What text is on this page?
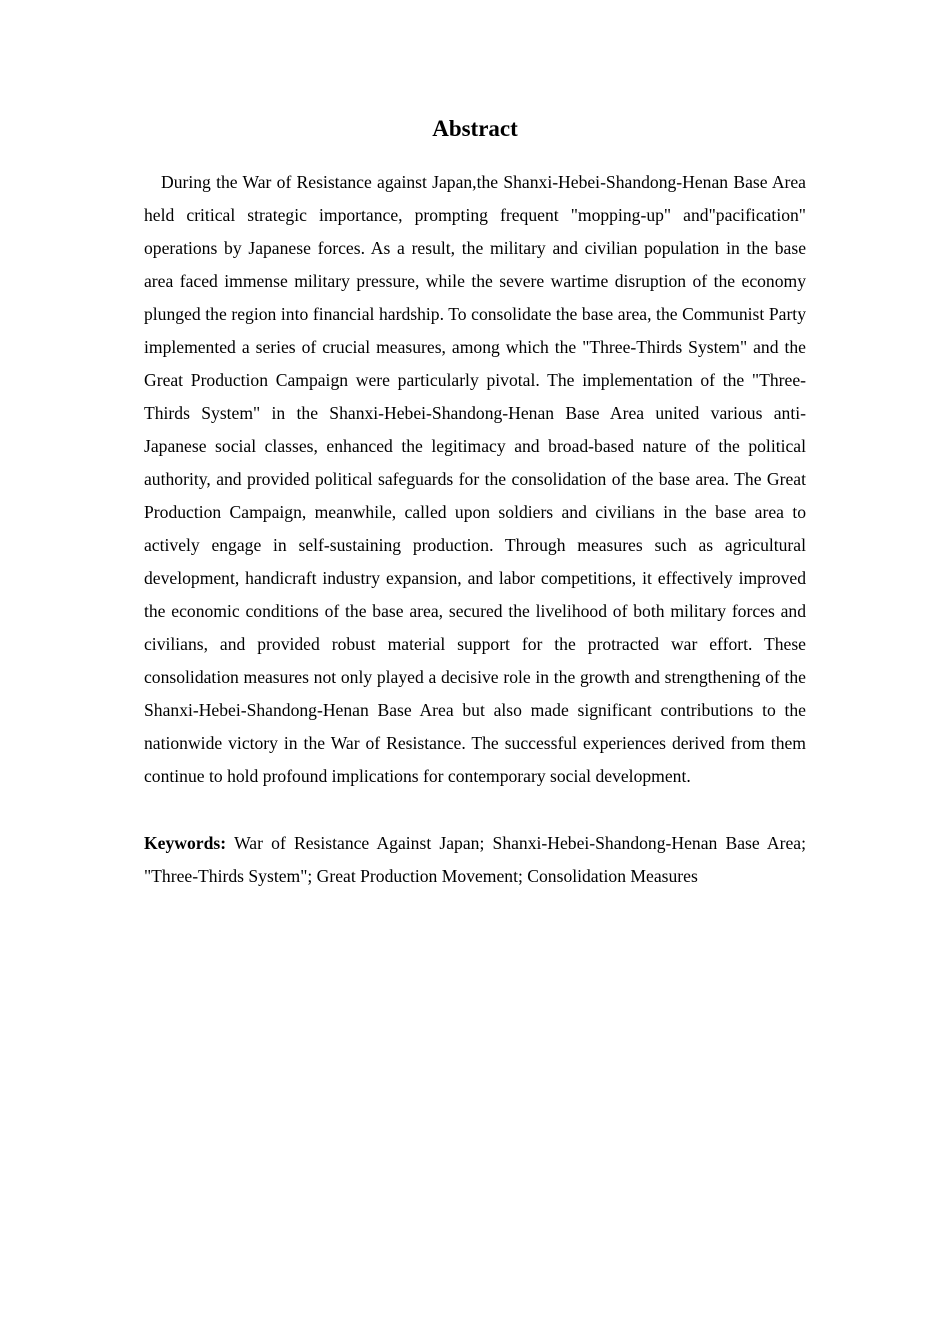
Abstract

During the War of Resistance against Japan,the Shanxi-Hebei-Shandong-Henan Base Area held critical strategic importance, prompting frequent "mopping-up" and"pacification" operations by Japanese forces. As a result, the military and civilian population in the base area faced immense military pressure, while the severe wartime disruption of the economy plunged the region into financial hardship. To consolidate the base area, the Communist Party implemented a series of crucial measures, among which the "Three-Thirds System" and the Great Production Campaign were particularly pivotal. The implementation of the "Three-Thirds System" in the Shanxi-Hebei-Shandong-Henan Base Area united various anti-Japanese social classes, enhanced the legitimacy and broad-based nature of the political authority, and provided political safeguards for the consolidation of the base area. The Great Production Campaign, meanwhile, called upon soldiers and civilians in the base area to actively engage in self-sustaining production. Through measures such as agricultural development, handicraft industry expansion, and labor competitions, it effectively improved the economic conditions of the base area, secured the livelihood of both military forces and civilians, and provided robust material support for the protracted war effort. These consolidation measures not only played a decisive role in the growth and strengthening of the Shanxi-Hebei-Shandong-Henan Base Area but also made significant contributions to the nationwide victory in the War of Resistance. The successful experiences derived from them continue to hold profound implications for contemporary social development.

Keywords: War of Resistance Against Japan; Shanxi-Hebei-Shandong-Henan Base Area; "Three-Thirds System"; Great Production Movement; Consolidation Measures
